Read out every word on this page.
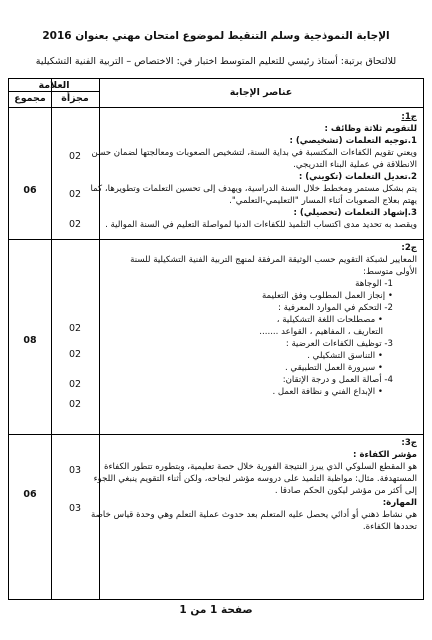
الإجابة النموذجية وسلم التنقيط لموضوع امتحان مهني بعنوان 2016
للالتحاق برتبة: أستاذ رئيسي للتعليم المتوسط اختبار في: الاختصاص – التربية الفنية التشكيلية
العلامة
مجموع	مجزأة
عناصر الإجابة
ج1:
للتقويم ثلاثة وظائف :
1.توجيه التعلمات (تشخيصي) :
ويعني تقويم الكفاءات المكتسبة في بداية السنة، لتشخيص الصعوبات ومعالجتها لضمان حسن
الانطلاقة في عملية البناء التدريجي.
2.تعديل التعلمات (تكويني) :
يتم بشكل مستمر ومخطط خلال السنة الدراسية، ويهدف إلى تحسين التعلمات وتطويرها، كما
يهتم بعلاج الصعوبات أثناء المسار "التعليمي-التعلمي".
3.إشهاد التعلمات (تحصيلي) :
ويقصد به تحديد مدى اكتساب التلميذ للكفاءات الدنيا لمواصلة التعليم في السنة الموالية .
02
02
02
06
ج2:
المعايير لشبكة التقويم حسب الوثيقة المرفقة لمنهج التربية الفنية التشكيلية للسنة
الأولى متوسط:
1- الوجاهة
• إنجاز العمل المطلوب وفق التعليمة
2- التحكم في الموارد المعرفية :
• مصطلحات اللغة التشكيلية ،
التعاريف ، المفاهيم ، القواعد .......
3- توظيف الكفاءات العرضية :
• التناسق التشكيلي .
• سيرورة العمل التطبيقي .
4- أصالة العمل و درجة الإتقان:
• الإبداع الفني و نظافة العمل .
02
02
02
02
08
ج3:
مؤشر الكفاءة :
هو المقطع السلوكي الذي يبرز النتيجة الفورية خلال حصة تعليمية، وبتطوره تتطور الكفاءة
المستهدفة. مثال: مواظبة التلميذ على دروسه مؤشر لنجاحه، ولكن أثناء التقويم ينبغي اللجوء
إلى أكثر من مؤشر ليكون الحكم صادقا .
المهارة:
هي نشاط ذهني أو أدائي يحصل عليه المتعلم بعد حدوث عملية التعلم وهي وحدة قياس خاصة
تحددها الكفاءة.
03
03
06
صفحة 1 من 1
